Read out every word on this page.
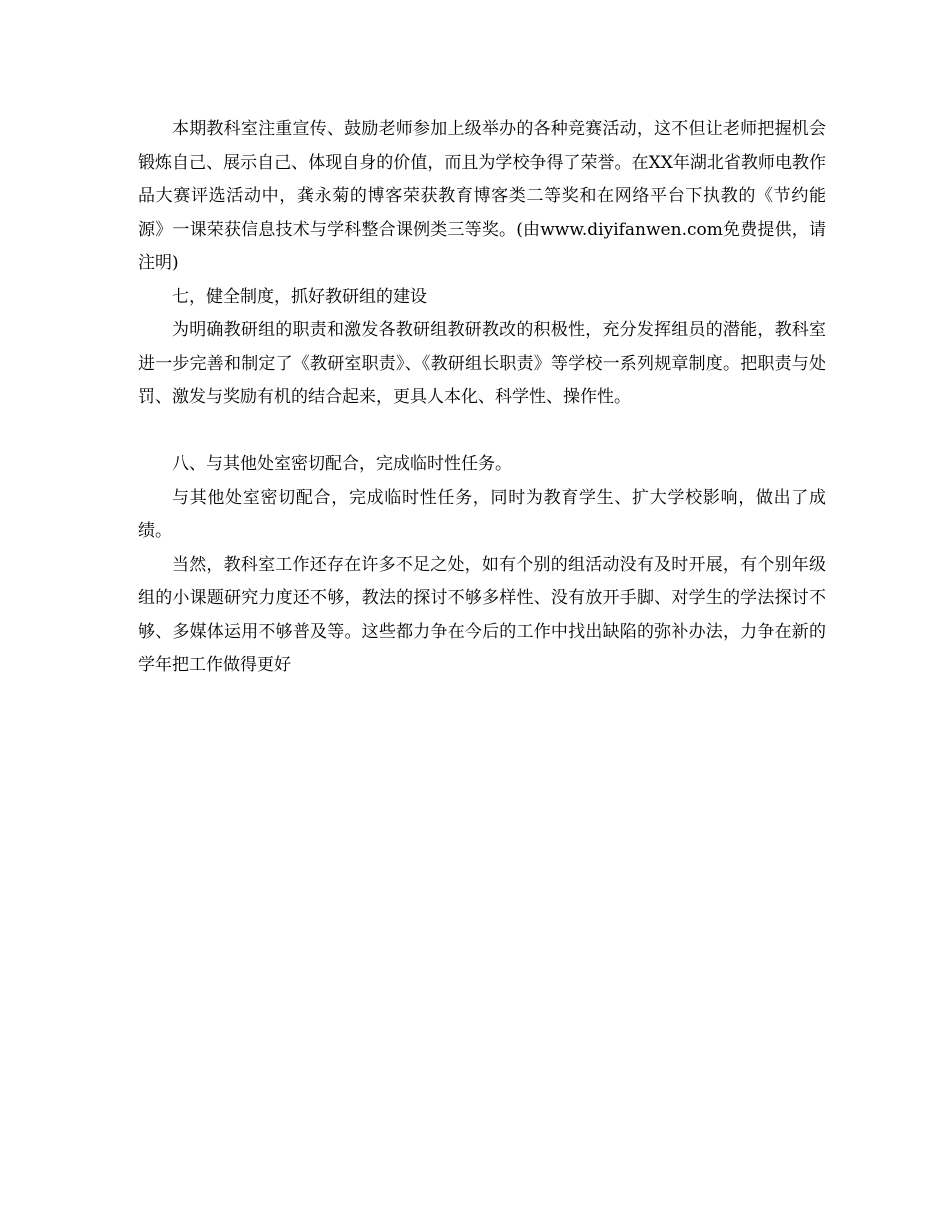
本期教科室注重宣传、鼓励老师参加上级举办的各种竞赛活动，这不但让老师把握机会锻炼自己、展示自己、体现自身的价值，而且为学校争得了荣誉。在XX年湖北省教师电教作品大赛评选活动中，龚永菊的博客荣获教育博客类二等奖和在网络平台下执教的《节约能源》一课荣获信息技术与学科整合课例类三等奖。(由www.diyifanwen.com免费提供，请注明)

七，健全制度，抓好教研组的建设

为明确教研组的职责和激发各教研组教研教改的积极性，充分发挥组员的潜能，教科室进一步完善和制定了《教研室职责》、《教研组长职责》等学校一系列规章制度。把职责与处罚、激发与奖励有机的结合起来，更具人本化、科学性、操作性。

八、与其他处室密切配合，完成临时性任务。

与其他处室密切配合，完成临时性任务，同时为教育学生、扩大学校影响，做出了成绩。

当然，教科室工作还存在许多不足之处，如有个别的组活动没有及时开展，有个别年级组的小课题研究力度还不够，教法的探讨不够多样性、没有放开手脚、对学生的学法探讨不够、多媒体运用不够普及等。这些都力争在今后的工作中找出缺陷的弥补办法，力争在新的学年把工作做得更好
